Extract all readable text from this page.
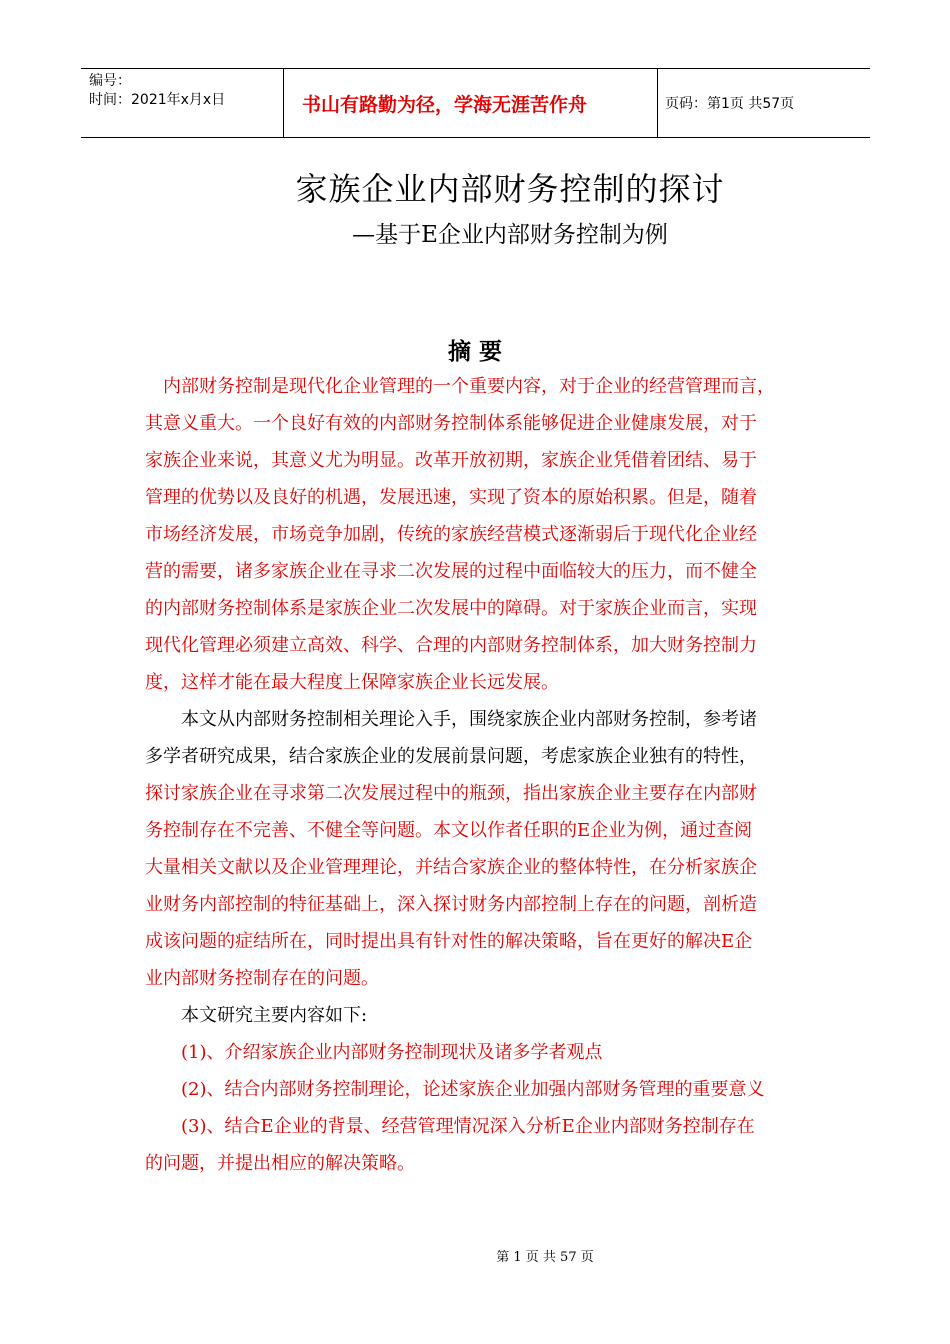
编号：
时间：2021年x月x日	书山有路勤为径，学海无涯苦作舟	页码：第1页 共57页
家族企业内部财务控制的探讨
—基于E企业内部财务控制为例
摘 要

内部财务控制是现代化企业管理的一个重要内容，对于企业的经营管理而言，

其意义重大。一个良好有效的内部财务控制体系能够促进企业健康发展，对于

家族企业来说，其意义尤为明显。改革开放初期，家族企业凭借着团结、易于

管理的优势以及良好的机遇，发展迅速，实现了资本的原始积累。但是，随着

市场经济发展，市场竞争加剧，传统的家族经营模式逐渐弱后于现代化企业经

营的需要，诸多家族企业在寻求二次发展的过程中面临较大的压力，而不健全

的内部财务控制体系是家族企业二次发展中的障碍。对于家族企业而言，实现

现代化管理必须建立高效、科学、合理的内部财务控制体系，加大财务控制力

度，这样才能在最大程度上保障家族企业长远发展。

本文从内部财务控制相关理论入手，围绕家族企业内部财务控制，参考诸

多学者研究成果，结合家族企业的发展前景问题，考虑家族企业独有的特性，

探讨家族企业在寻求第二次发展过程中的瓶颈，指出家族企业主要存在内部财

务控制存在不完善、不健全等问题。本文以作者任职的E企业为例，通过查阅

大量相关文献以及企业管理理论，并结合家族企业的整体特性，在分析家族企

业财务内部控制的特征基础上，深入探讨财务内部控制上存在的问题，剖析造

成该问题的症结所在，同时提出具有针对性的解决策略，旨在更好的解决E企

业内部财务控制存在的问题。

本文研究主要内容如下:

(1)、介绍家族企业内部财务控制现状及诸多学者观点

(2)、结合内部财务控制理论，论述家族企业加强内部财务管理的重要意义

(3)、结合E企业的背景、经营管理情况深入分析E企业内部财务控制存在

的问题，并提出相应的解决策略。

第 1 页 共 57 页
